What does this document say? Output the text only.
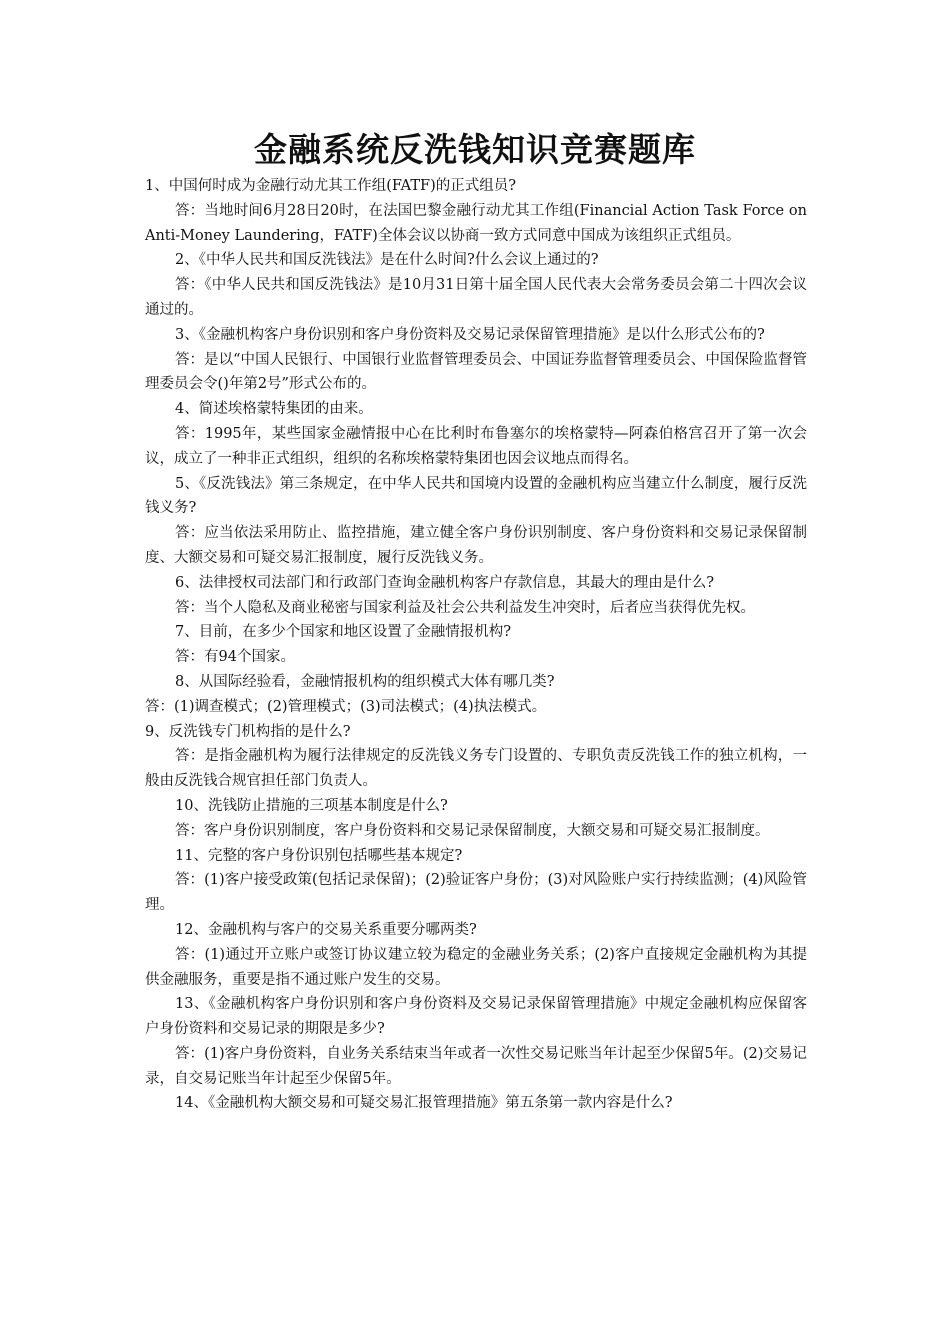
金融系统反洗钱知识竞赛题库

1、中国何时成为金融行动尤其工作组(FATF)的正式组员?

答：当地时间6月28日20时，在法国巴黎金融行动尤其工作组(Financial Action Task Force on Anti-Money Laundering，FATF)全体会议以协商一致方式同意中国成为该组织正式组员。

2、《中华人民共和国反洗钱法》是在什么时间?什么会议上通过的?

答：《中华人民共和国反洗钱法》是10月31日第十届全国人民代表大会常务委员会第二十四次会议通过的。

3、《金融机构客户身份识别和客户身份资料及交易记录保留管理措施》是以什么形式公布的?

答：是以“中国人民银行、中国银行业监督管理委员会、中国证券监督管理委员会、中国保险监督管理委员会令()年第2号”形式公布的。

4、简述埃格蒙特集团的由来。

答：1995年，某些国家金融情报中心在比利时布鲁塞尔的埃格蒙特—阿森伯格宫召开了第一次会议，成立了一种非正式组织，组织的名称埃格蒙特集团也因会议地点而得名。

5、《反洗钱法》第三条规定，在中华人民共和国境内设置的金融机构应当建立什么制度，履行反洗钱义务?

答：应当依法采用防止、监控措施，建立健全客户身份识别制度、客户身份资料和交易记录保留制度、大额交易和可疑交易汇报制度，履行反洗钱义务。

6、法律授权司法部门和行政部门查询金融机构客户存款信息，其最大的理由是什么?

答：当个人隐私及商业秘密与国家利益及社会公共利益发生冲突时，后者应当获得优先权。

7、目前，在多少个国家和地区设置了金融情报机构?

答：有94个国家。

8、从国际经验看，金融情报机构的组织模式大体有哪几类?

答：(1)调查模式；(2)管理模式；(3)司法模式；(4)执法模式。

9、反洗钱专门机构指的是什么?

答：是指金融机构为履行法律规定的反洗钱义务专门设置的、专职负责反洗钱工作的独立机构，一般由反洗钱合规官担任部门负责人。

10、洗钱防止措施的三项基本制度是什么?

答：客户身份识别制度，客户身份资料和交易记录保留制度，大额交易和可疑交易汇报制度。

11、完整的客户身份识别包括哪些基本规定?

答：(1)客户接受政策(包括记录保留)；(2)验证客户身份；(3)对风险账户实行持续监测；(4)风险管理。

12、金融机构与客户的交易关系重要分哪两类?

答：(1)通过开立账户或签订协议建立较为稳定的金融业务关系；(2)客户直接规定金融机构为其提供金融服务，重要是指不通过账户发生的交易。

13、《金融机构客户身份识别和客户身份资料及交易记录保留管理措施》中规定金融机构应保留客户身份资料和交易记录的期限是多少?

答：(1)客户身份资料，自业务关系结束当年或者一次性交易记账当年计起至少保留5年。(2)交易记录，自交易记账当年计起至少保留5年。

14、《金融机构大额交易和可疑交易汇报管理措施》第五条第一款内容是什么?
